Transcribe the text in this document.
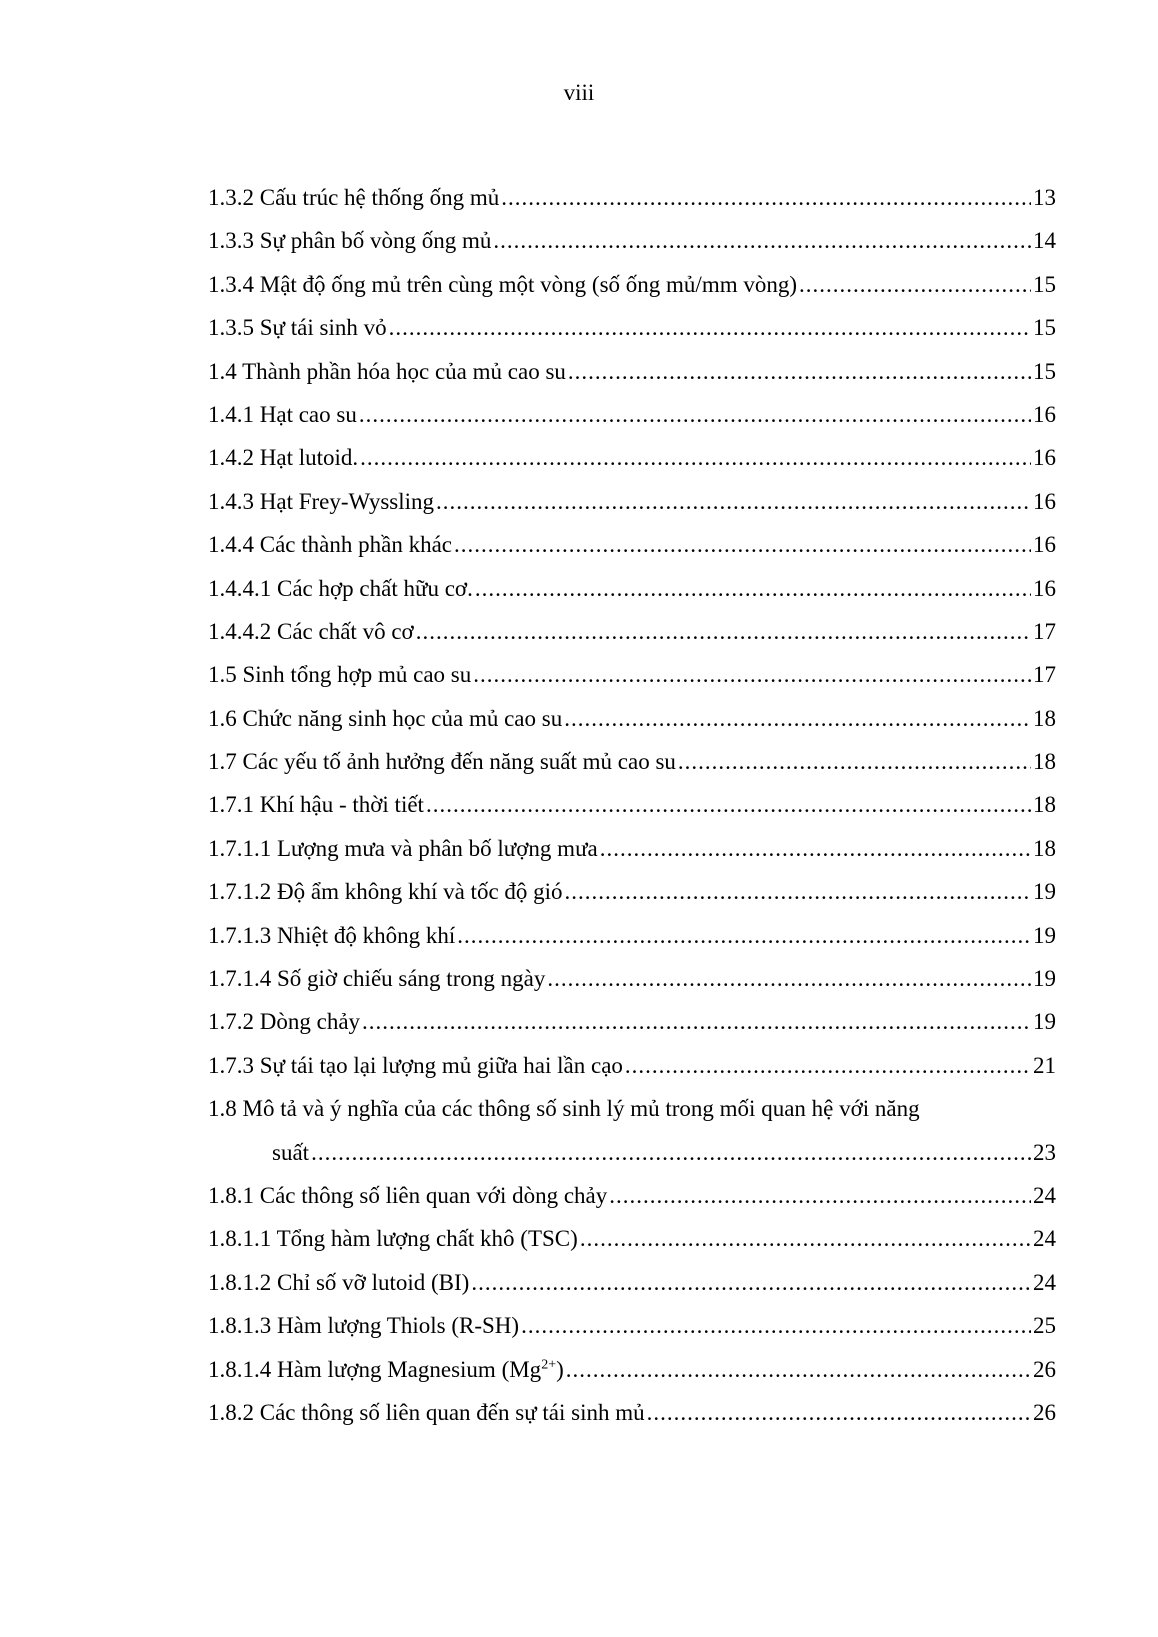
viii
1.3.2 Cấu trúc hệ thống ống mủ .....	13
1.3.3 Sự phân bố vòng ống mủ .....	14
1.3.4 Mật độ ống mủ trên cùng một vòng (số ống mủ/mm vòng) .....	15
1.3.5 Sự tái sinh vỏ .....	15
1.4 Thành phần hóa học của mủ cao su .....	15
1.4.1 Hạt cao su .....	16
1.4.2 Hạt lutoid. .....	16
1.4.3 Hạt Frey-Wyssling .....	16
1.4.4 Các thành phần khác .....	16
1.4.4.1 Các hợp chất hữu cơ. .....	16
1.4.4.2 Các chất vô cơ .....	17
1.5 Sinh tổng hợp mủ cao su .....	17
1.6 Chức năng sinh học của mủ cao su .....	18
1.7 Các yếu tố ảnh hưởng đến năng suất mủ cao su .....	18
1.7.1 Khí hậu - thời tiết .....	18
1.7.1.1 Lượng mưa và phân bố lượng mưa .....	18
1.7.1.2 Độ ẩm không khí và tốc độ gió .....	19
1.7.1.3 Nhiệt độ không khí .....	19
1.7.1.4 Số giờ chiếu sáng trong ngày .....	19
1.7.2 Dòng chảy .....	19
1.7.3 Sự tái tạo lại lượng mủ giữa hai lần cạo .....	21
1.8 Mô tả và ý nghĩa của các thông số sinh lý mủ trong mối quan hệ với năng
suất .....	23
1.8.1 Các thông số liên quan với dòng chảy .....	24
1.8.1.1 Tổng hàm lượng chất khô (TSC) .....	24
1.8.1.2 Chỉ số vỡ lutoid (BI) .....	24
1.8.1.3 Hàm lượng Thiols (R-SH) .....	25
1.8.1.4 Hàm lượng Magnesium $(Mg^{2+})$ .....	26
1.8.2 Các thông số liên quan đến sự tái sinh mủ .....	26
